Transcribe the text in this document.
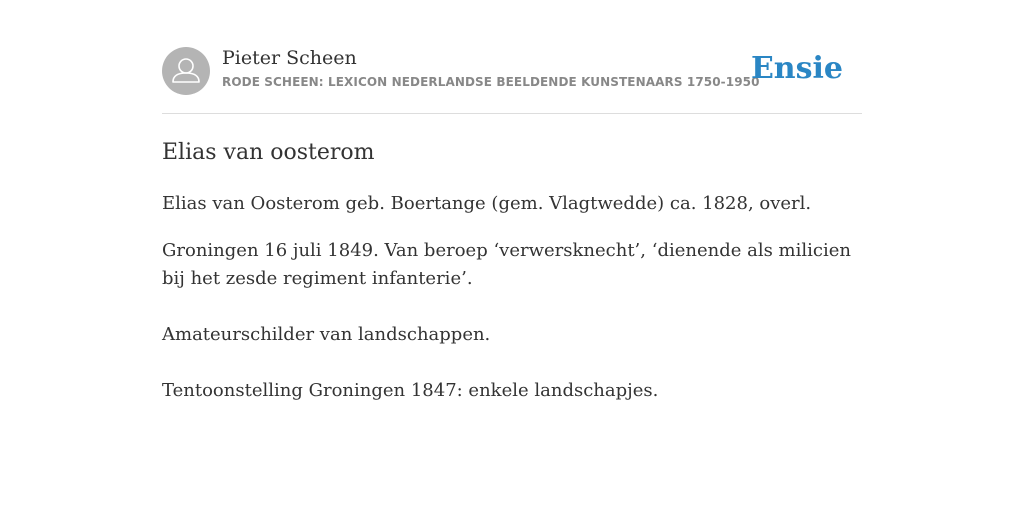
Pieter Scheen
RODE SCHEEN: LEXICON NEDERLANDSE BEELDENDE KUNSTENAARS 1750-1950
Ensie
Elias van oosterom

Elias van Oosterom geb. Boertange (gem. Vlagtwedde) ca. 1828, overl.

Groningen 16 juli 1849. Van beroep ‘verwersknecht’, ‘dienende als milicien bij het zesde regiment infanterie’.

Amateurschilder van landschappen.

Tentoonstelling Groningen 1847: enkele landschapjes.
